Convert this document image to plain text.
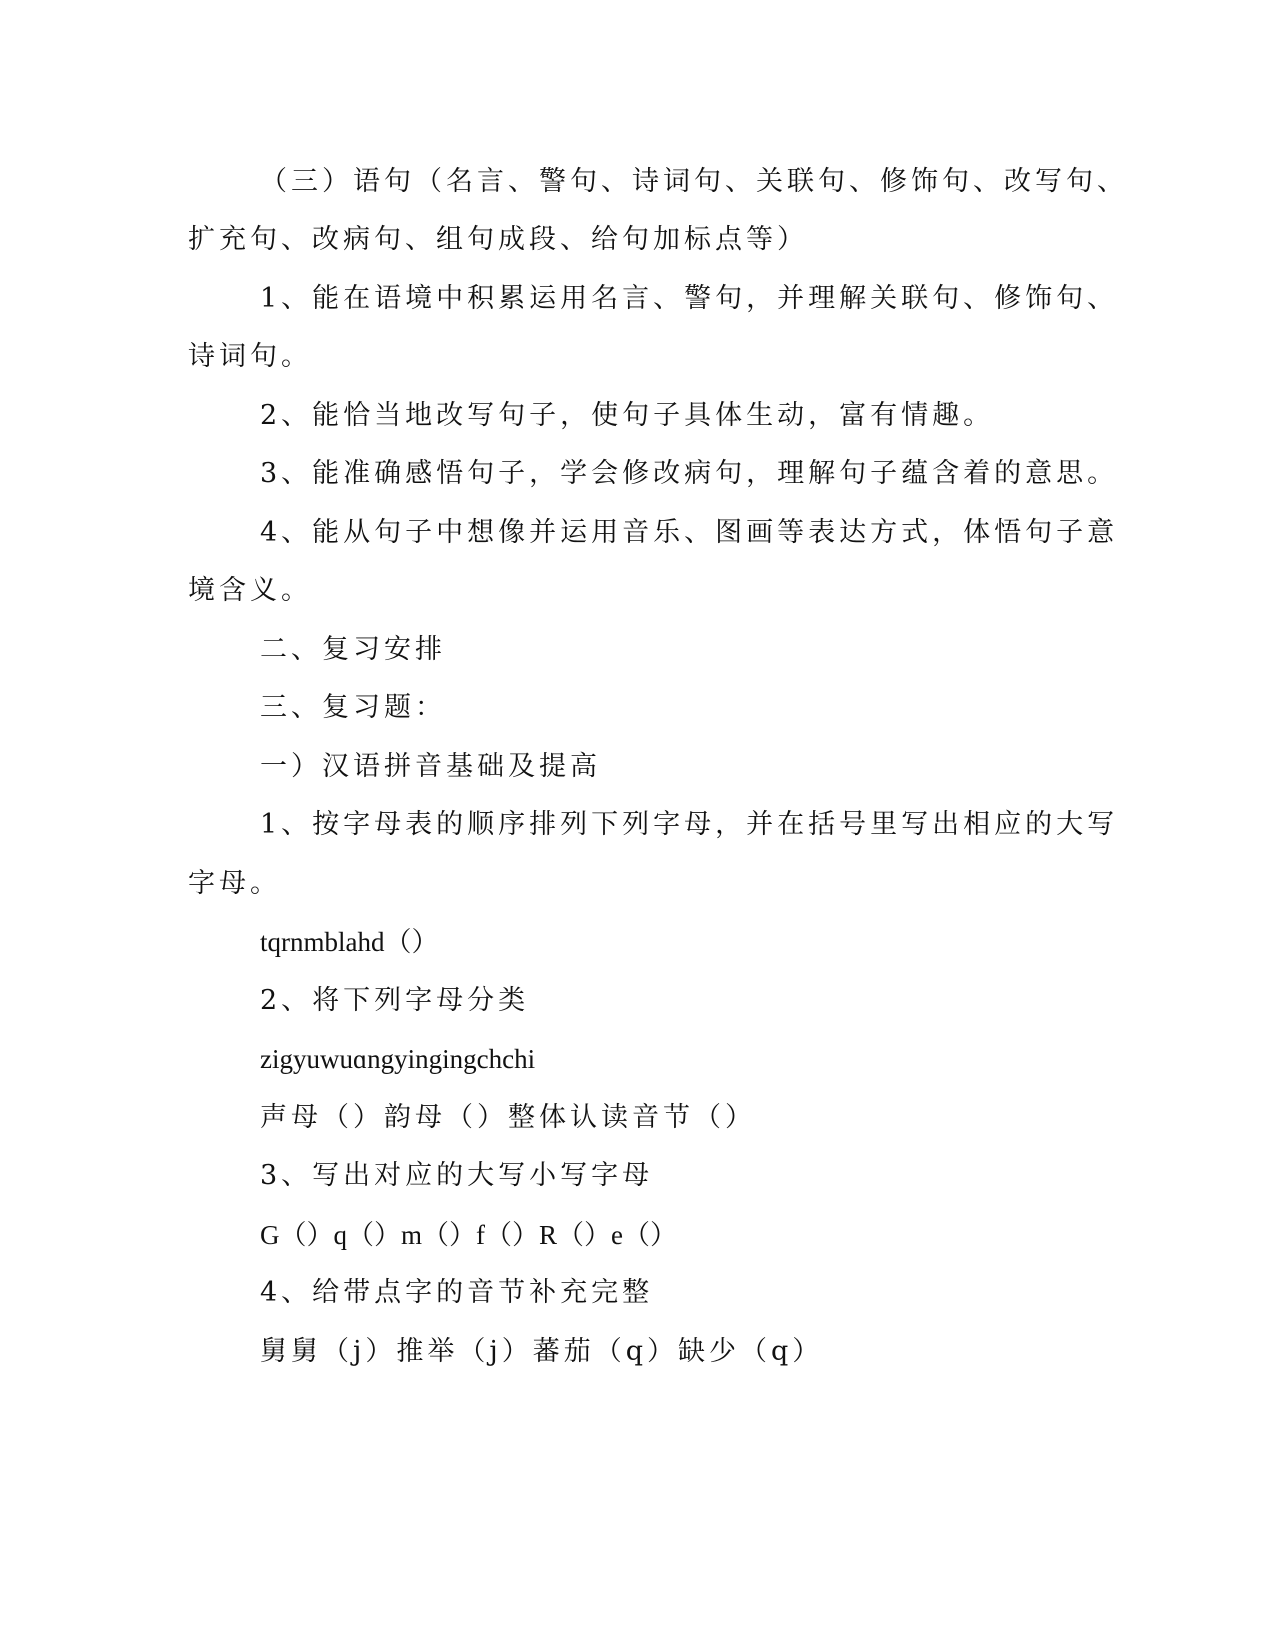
（三）语句（名言、警句、诗词句、关联句、修饰句、改写句、
扩充句、改病句、组句成段、给句加标点等）
1、能在语境中积累运用名言、警句，并理解关联句、修饰句、
诗词句。
2、能恰当地改写句子，使句子具体生动，富有情趣。
3、能准确感悟句子，学会修改病句，理解句子蕴含着的意思。
4、能从句子中想像并运用音乐、图画等表达方式，体悟句子意
境含义。
二、复习安排
三、复习题：
一）汉语拼音基础及提高
1、按字母表的顺序排列下列字母，并在括号里写出相应的大写
字母。
tqrnmblahd（）
2、将下列字母分类
zigyuwuɑngyingingchchi
声母（）韵母（）整体认读音节（）
3、写出对应的大写小写字母
G（）q（）m（）f（）R（）e（）
4、给带点字的音节补充完整
舅舅（j）推举（j）蕃茄（q）缺少（q）
